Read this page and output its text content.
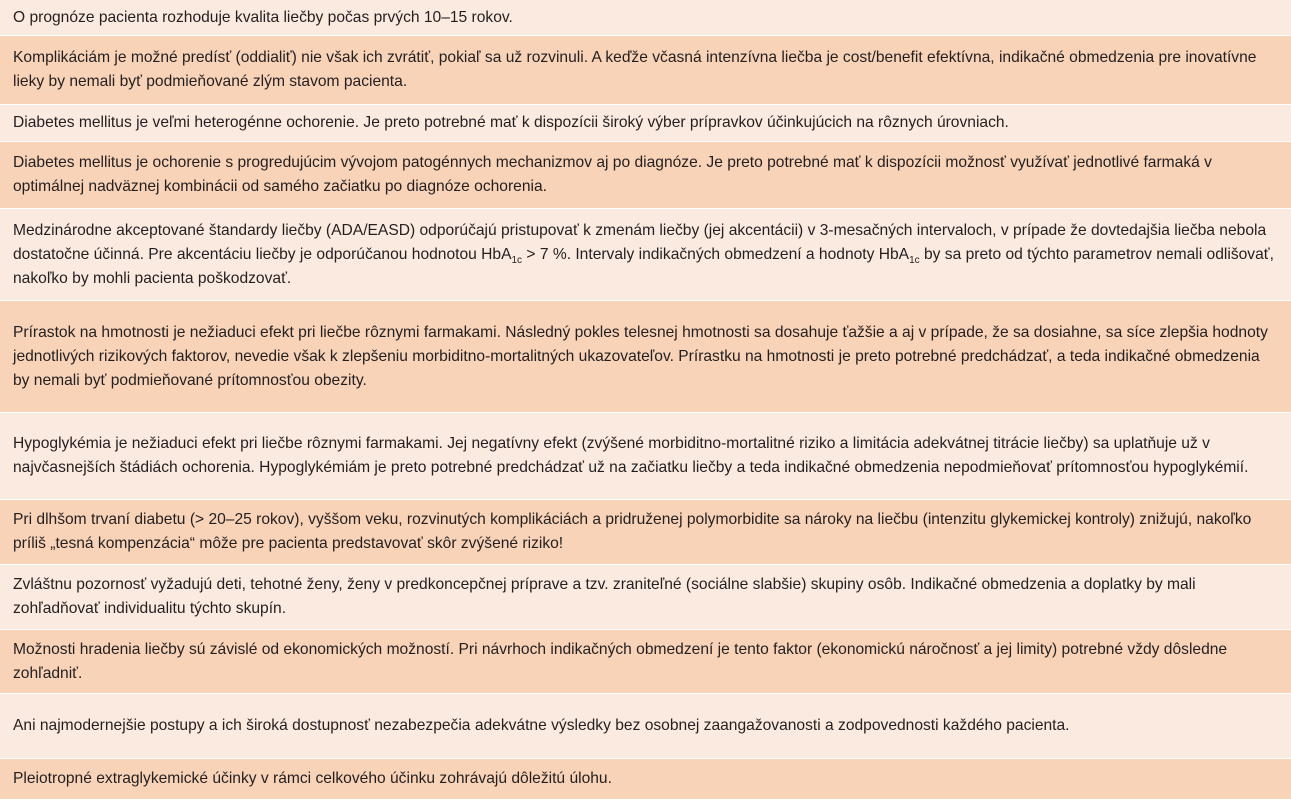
O prognóze pacienta rozhoduje kvalita liečby počas prvých 10–15 rokov.
Komplikáciám je možné predísť (oddialiť) nie však ich zvrátiť, pokiaľ sa už rozvinuli. A keďže včasná intenzívna liečba je cost/benefit efektívna, indikačné obmedzenia pre inovatívne lieky by nemali byť podmieňované zlým stavom pacienta.
Diabetes mellitus je veľmi heterogénne ochorenie. Je preto potrebné mať k dispozícii široký výber prípravkov účinkujúcich na rôznych úrovniach.
Diabetes mellitus je ochorenie s progredujúcim vývojom patogénnych mechanizmov aj po diagnóze. Je preto potrebné mať k dispozícii možnosť využívať jednotlivé farmaká v optimálnej nadväznej kombinácii od samého začiatku po diagnóze ochorenia.
Medzinárodne akceptované štandardy liečby (ADA/EASD) odporúčajú pristupovať k zmenám liečby (jej akcentácii) v 3-mesačných intervaloch, v prípade že dovtedajšia liečba nebola dostatočne účinná. Pre akcentáciu liečby je odporúčanou hodnotou HbA$_{1c}$ > 7 %. Intervaly indikačných obmedzení a hodnoty HbA$_{1c}$ by sa preto od týchto parametrov nemali odlišovať, nakoľko by mohli pacienta poškodzovať.
Prírastok na hmotnosti je nežiaduci efekt pri liečbe rôznymi farmakami. Následný pokles telesnej hmotnosti sa dosahuje ťažšie a aj v prípade, že sa dosiahne, sa síce zlepšia hodnoty jednotlivých rizikových faktorov, nevedie však k zlepšeniu morbiditno-mortalitných ukazovateľov. Prírastku na hmotnosti je preto potrebné predchádzať, a teda indikačné obmedzenia by nemali byť podmieňované prítomnosťou obezity.
Hypoglykémia je nežiaduci efekt pri liečbe rôznymi farmakami. Jej negatívny efekt (zvýšené morbiditno-mortalitné riziko a limitácia adekvátnej titrácie liečby) sa uplatňuje už v najvčasnejších štádiách ochorenia. Hypoglykémiám je preto potrebné predchádzať už na začiatku liečby a teda indikačné obmedzenia nepodmieňovať prítomnosťou hypoglykémií.
Pri dlhšom trvaní diabetu (> 20–25 rokov), vyššom veku, rozvinutých komplikáciách a pridruženej polymorbidite sa nároky na liečbu (intenzitu glykemickej kontroly) znižujú, nakoľko príliš „tesná kompenzácia“ môže pre pacienta predstavovať skôr zvýšené riziko!
Zvláštnu pozornosť vyžadujú deti, tehotné ženy, ženy v predkoncepčnej príprave a tzv. zraniteľné (sociálne slabšie) skupiny osôb. Indikačné obmedzenia a doplatky by mali zohľadňovať individualitu týchto skupín.
Možnosti hradenia liečby sú závislé od ekonomických možností. Pri návrhoch indikačných obmedzení je tento faktor (ekonomickú náročnosť a jej limity) potrebné vždy dôsledne zohľadniť.
Ani najmodernejšie postupy a ich široká dostupnosť nezabezpečia adekvátne výsledky bez osobnej zaangažovanosti a zodpovednosti každého pacienta.
Pleiotropné extraglykemické účinky v rámci celkového účinku zohrávajú dôležitú úlohu.
